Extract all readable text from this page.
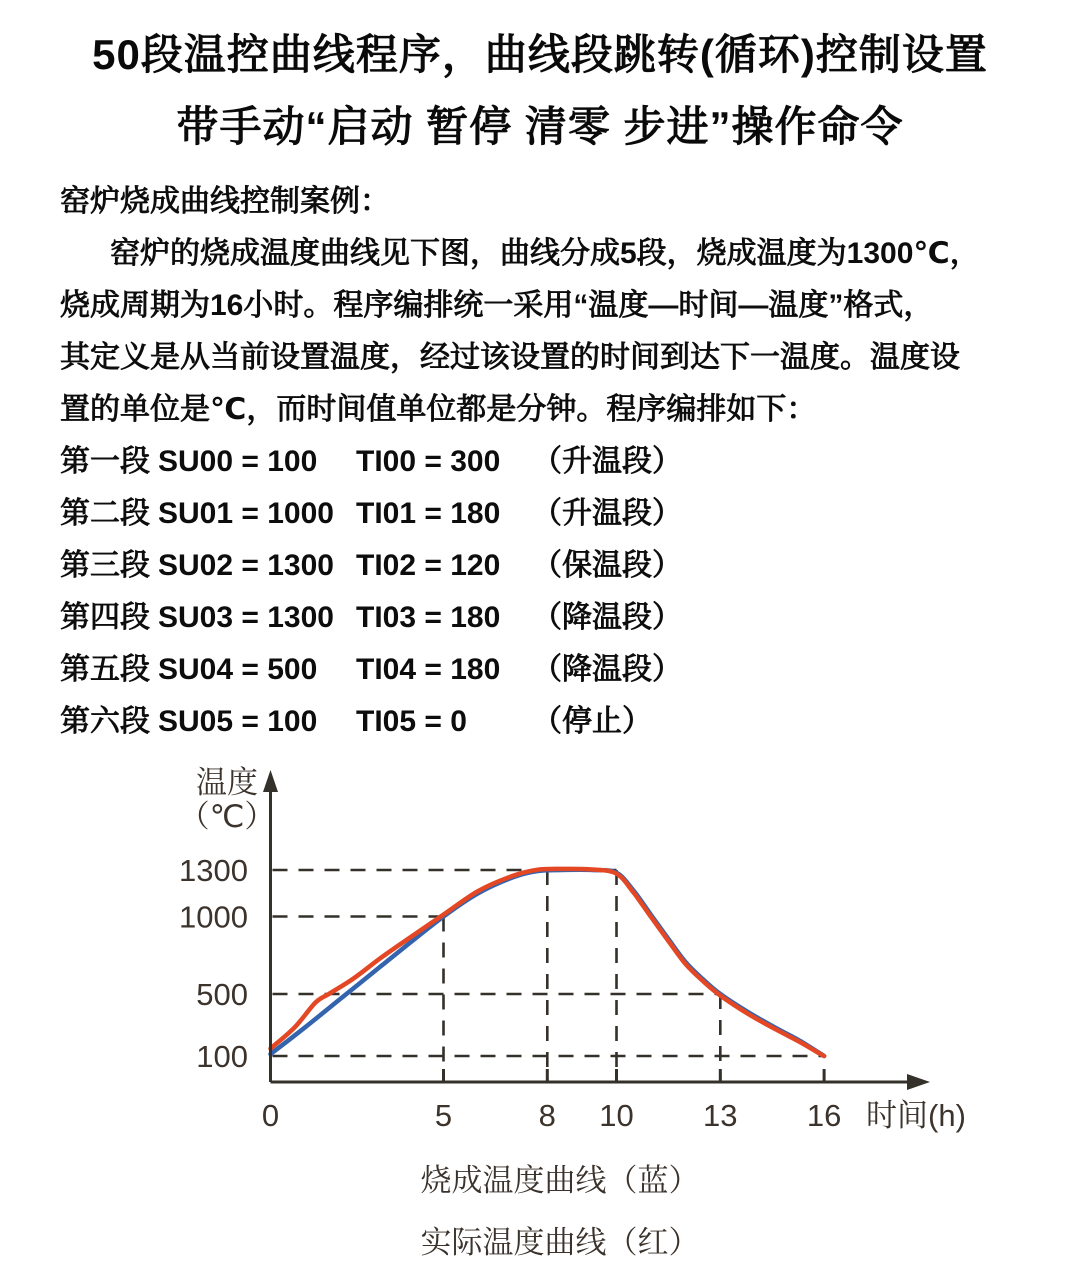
50段温控曲线程序，曲线段跳转(循环)控制设置
带手动“启动 暂停 清零 步进”操作命令
窑炉烧成曲线控制案例：
窑炉的烧成温度曲线见下图，曲线分成5段，烧成温度为1300℃，
烧成周期为16小时。程序编排统一采用“温度—时间—温度”格式，
其定义是从当前设置温度，经过该设置的时间到达下一温度。温度设
置的单位是℃，而时间值单位都是分钟。程序编排如下：
第一段 SU00 = 100	TI00 = 300	（升温段）
第二段 SU01 = 1000 TI01 = 180	（升温段）
第三段 SU02 = 1300 TI02 = 120	（保温段）
第四段 SU03 = 1300 TI03 = 180	（降温段）
第五段 SU04 = 500	TI04 = 180	（降温段）
第六段 SU05 = 100	TI05 = 0	（停止）
0	5	8 10 13 16
1300
1000
500
100
时间(h)
温度
（℃）
烧成温度曲线（蓝）
实际温度曲线（红）
